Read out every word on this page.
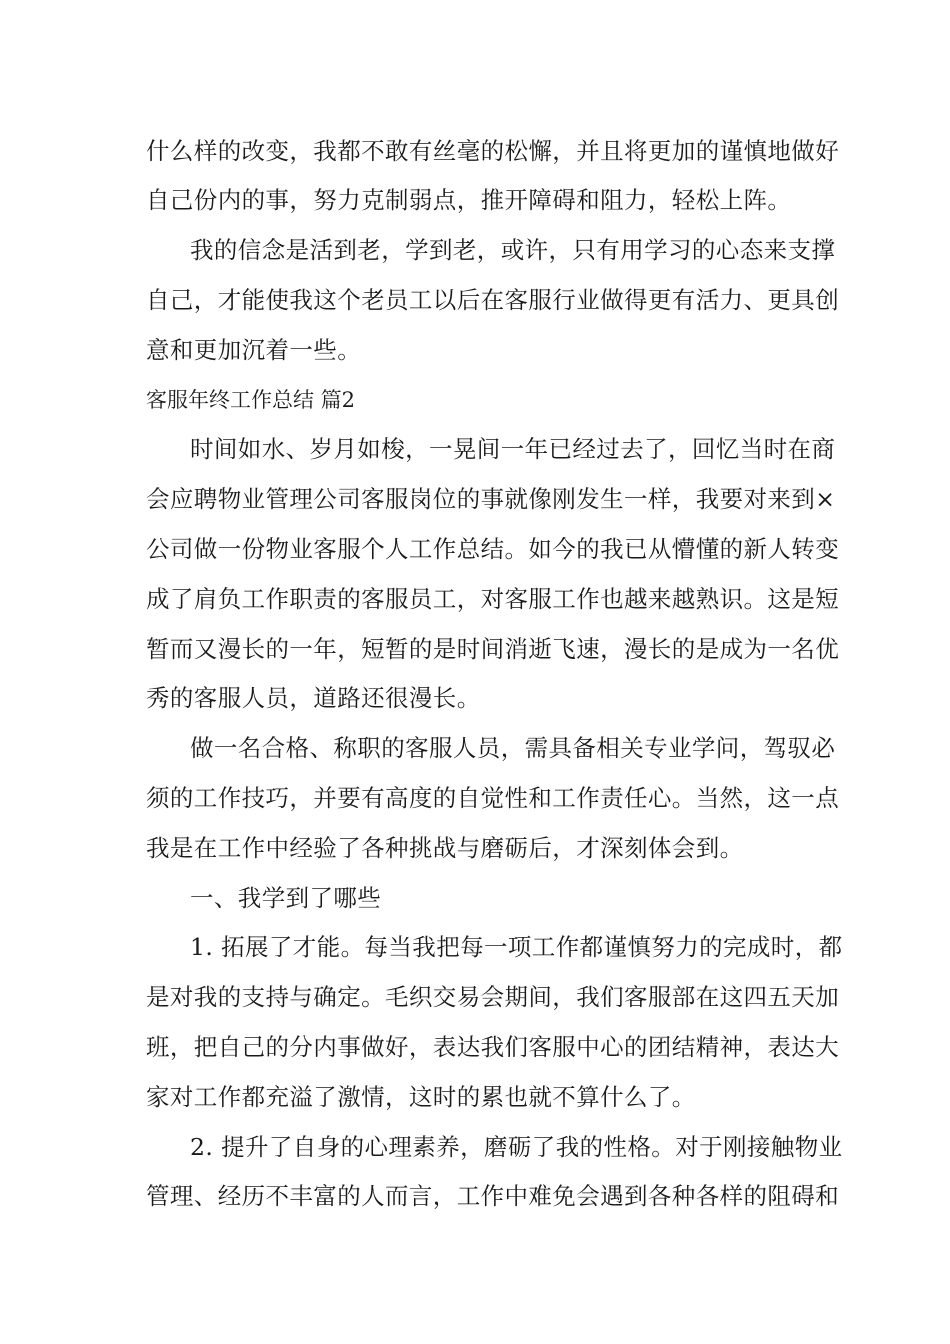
什么样的改变，我都不敢有丝毫的松懈，并且将更加的谨慎地做好
自己份内的事，努力克制弱点，推开障碍和阻力，轻松上阵。
我的信念是活到老，学到老，或许，只有用学习的心态来支撑
自己，才能使我这个老员工以后在客服行业做得更有活力、更具创
意和更加沉着一些。
客服年终工作总结 篇2
时间如水、岁月如梭，一晃间一年已经过去了，回忆当时在商
会应聘物业管理公司客服岗位的事就像刚发生一样，我要对来到×
公司做一份物业客服个人工作总结。如今的我已从懵懂的新人转变
成了肩负工作职责的客服员工，对客服工作也越来越熟识。这是短
暂而又漫长的一年，短暂的是时间消逝飞速，漫长的是成为一名优
秀的客服人员，道路还很漫长。
做一名合格、称职的客服人员，需具备相关专业学问，驾驭必
须的工作技巧，并要有高度的自觉性和工作责任心。当然，这一点
我是在工作中经验了各种挑战与磨砺后，才深刻体会到。
一、我学到了哪些
1. 拓展了才能。每当我把每一项工作都谨慎努力的完成时，都
是对我的支持与确定。毛织交易会期间，我们客服部在这四五天加
班，把自己的分内事做好，表达我们客服中心的团结精神，表达大
家对工作都充溢了激情，这时的累也就不算什么了。
2. 提升了自身的心理素养，磨砺了我的性格。对于刚接触物业
管理、经历不丰富的人而言，工作中难免会遇到各种各样的阻碍和
